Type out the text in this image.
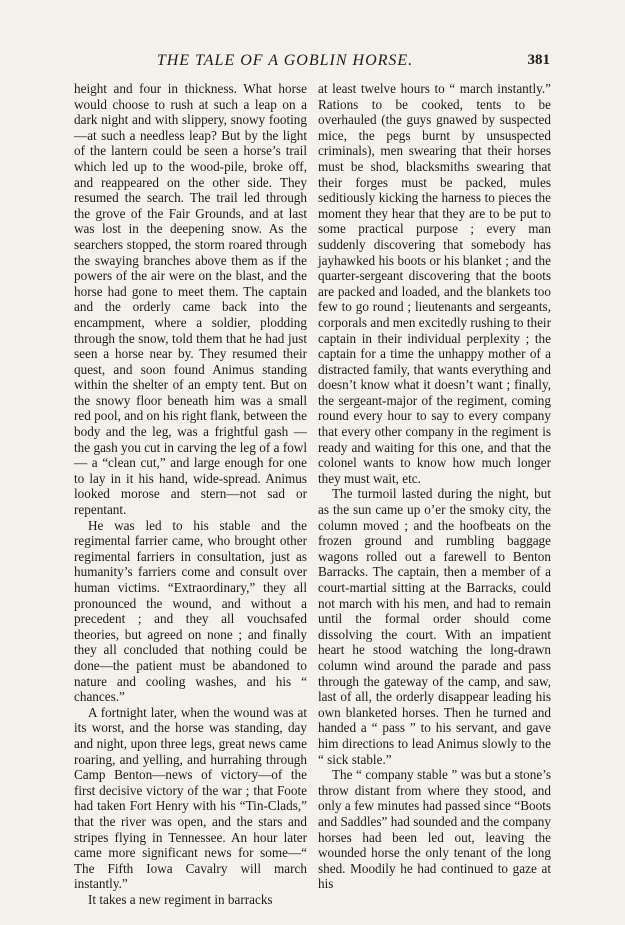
THE TALE OF A GOBLIN HORSE.	381

height and four in thickness. What horse would choose to rush at such a leap on a dark night and with slippery, snowy footing—at such a needless leap? But by the light of the lantern could be seen a horse’s trail which led up to the wood-pile, broke off, and reappeared on the other side. They resumed the search. The trail led through the grove of the Fair Grounds, and at last was lost in the deepening snow. As the searchers stopped, the storm roared through the swaying branches above them as if the powers of the air were on the blast, and the horse had gone to meet them. The captain and the orderly came back into the encampment, where a soldier, plodding through the snow, told them that he had just seen a horse near by. They resumed their quest, and soon found Animus standing within the shelter of an empty tent. But on the snowy floor beneath him was a small red pool, and on his right flank, between the body and the leg, was a frightful gash — the gash you cut in carving the leg of a fowl — a “clean cut,” and large enough for one to lay in it his hand, wide-spread. Animus looked morose and stern—not sad or repentant.

He was led to his stable and the regimental farrier came, who brought other regimental farriers in consultation, just as humanity’s farriers come and consult over human victims. “Extraordinary,” they all pronounced the wound, and without a precedent ; and they all vouchsafed theories, but agreed on none ; and finally they all concluded that nothing could be done—the patient must be abandoned to nature and cooling washes, and his “ chances.”

A fortnight later, when the wound was at its worst, and the horse was standing, day and night, upon three legs, great news came roaring, and yelling, and hurrahing through Camp Benton—news of victory—of the first decisive victory of the war ; that Foote had taken Fort Henry with his “Tin-Clads,” that the river was open, and the stars and stripes flying in Tennessee. An hour later came more significant news for some—“ The Fifth Iowa Cavalry will march instantly.”

It takes a new regiment in barracks

at least twelve hours to “ march instantly.” Rations to be cooked, tents to be overhauled (the guys gnawed by suspected mice, the pegs burnt by unsuspected criminals), men swearing that their horses must be shod, blacksmiths swearing that their forges must be packed, mules seditiously kicking the harness to pieces the moment they hear that they are to be put to some practical purpose ; every man suddenly discovering that somebody has jayhawked his boots or his blanket ; and the quarter-sergeant discovering that the boots are packed and loaded, and the blankets too few to go round ; lieutenants and sergeants, corporals and men excitedly rushing to their captain in their individual perplexity ; the captain for a time the unhappy mother of a distracted family, that wants everything and doesn’t know what it doesn’t want ; finally, the sergeant-major of the regiment, coming round every hour to say to every company that every other company in the regiment is ready and waiting for this one, and that the colonel wants to know how much longer they must wait, etc.

The turmoil lasted during the night, but as the sun came up o’er the smoky city, the column moved ; and the hoofbeats on the frozen ground and rumbling baggage wagons rolled out a farewell to Benton Barracks. The captain, then a member of a court-martial sitting at the Barracks, could not march with his men, and had to remain until the formal order should come dissolving the court. With an impatient heart he stood watching the long-drawn column wind around the parade and pass through the gateway of the camp, and saw, last of all, the orderly disappear leading his own blanketed horses. Then he turned and handed a “ pass ” to his servant, and gave him directions to lead Animus slowly to the “ sick stable.”

The “ company stable ” was but a stone’s throw distant from where they stood, and only a few minutes had passed since “Boots and Saddles” had sounded and the company horses had been led out, leaving the wounded horse the only tenant of the long shed. Moodily he had continued to gaze at his
